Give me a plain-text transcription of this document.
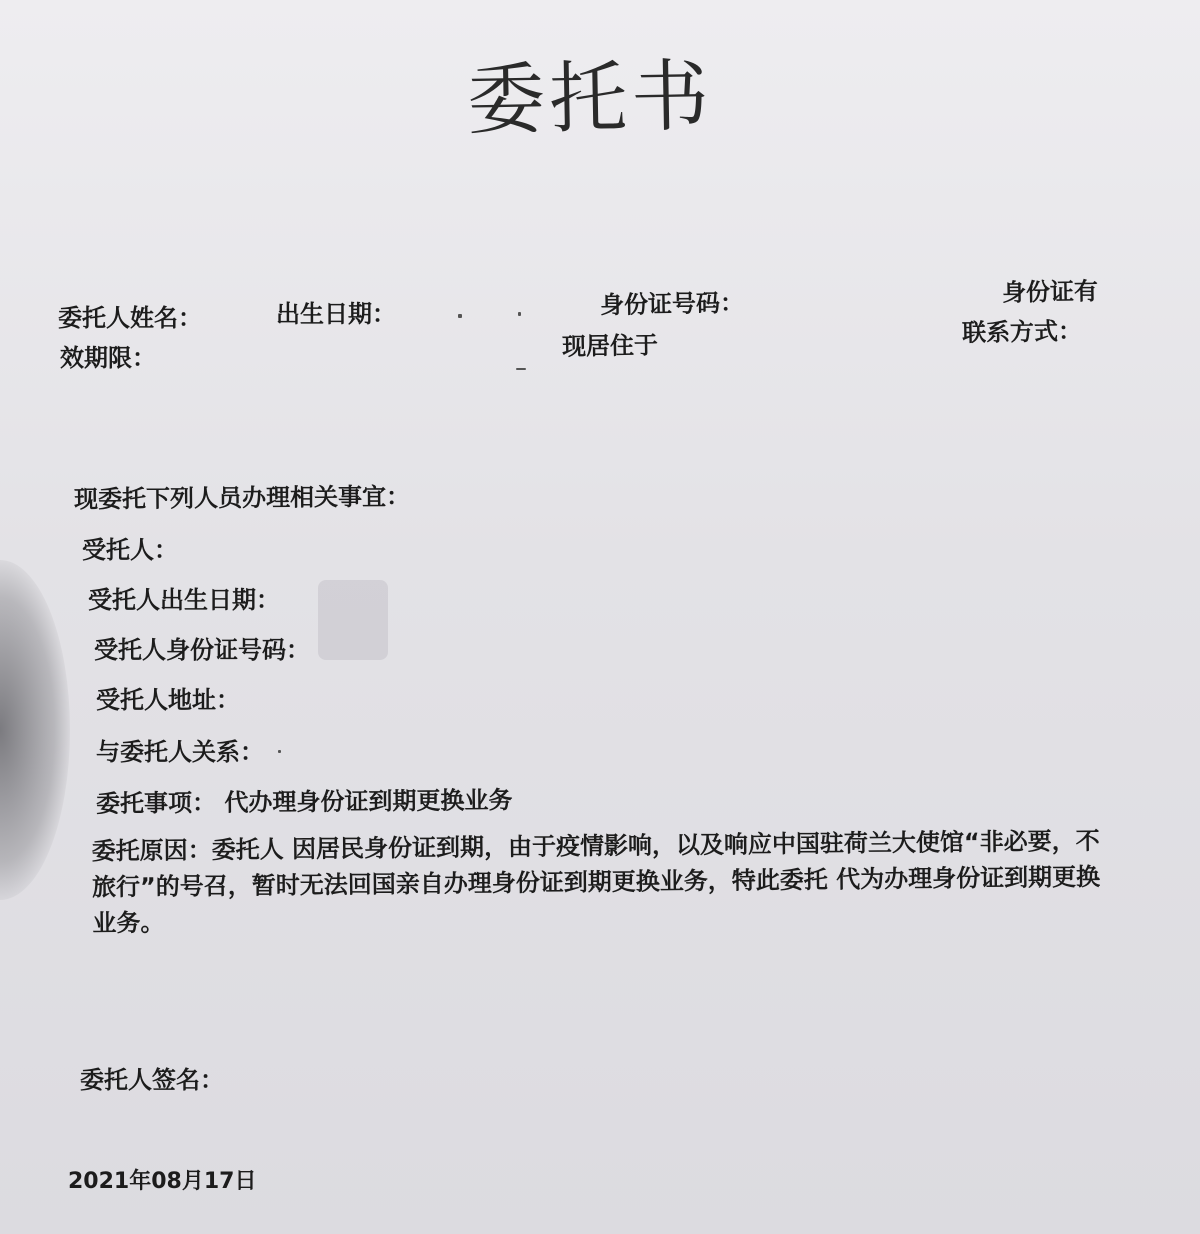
委托书
委托人姓名：	出生日期：	身份证号码：	身份证有
效期限：	现居住于	联系方式：
现委托下列人员办理相关事宜：
受托人：
受托人出生日期：
受托人身份证号码：
受托人地址：
与委托人关系：
委托事项： 代办理身份证到期更换业务
委托原因：委托人 因居民身份证到期，由于疫情影响，以及响应中国驻荷兰大使馆“非必要，不旅行”的号召，暂时无法回国亲自办理身份证到期更换业务，特此委托 代为办理身份证到期更换业务。
委托人签名：
2021年08月17日
